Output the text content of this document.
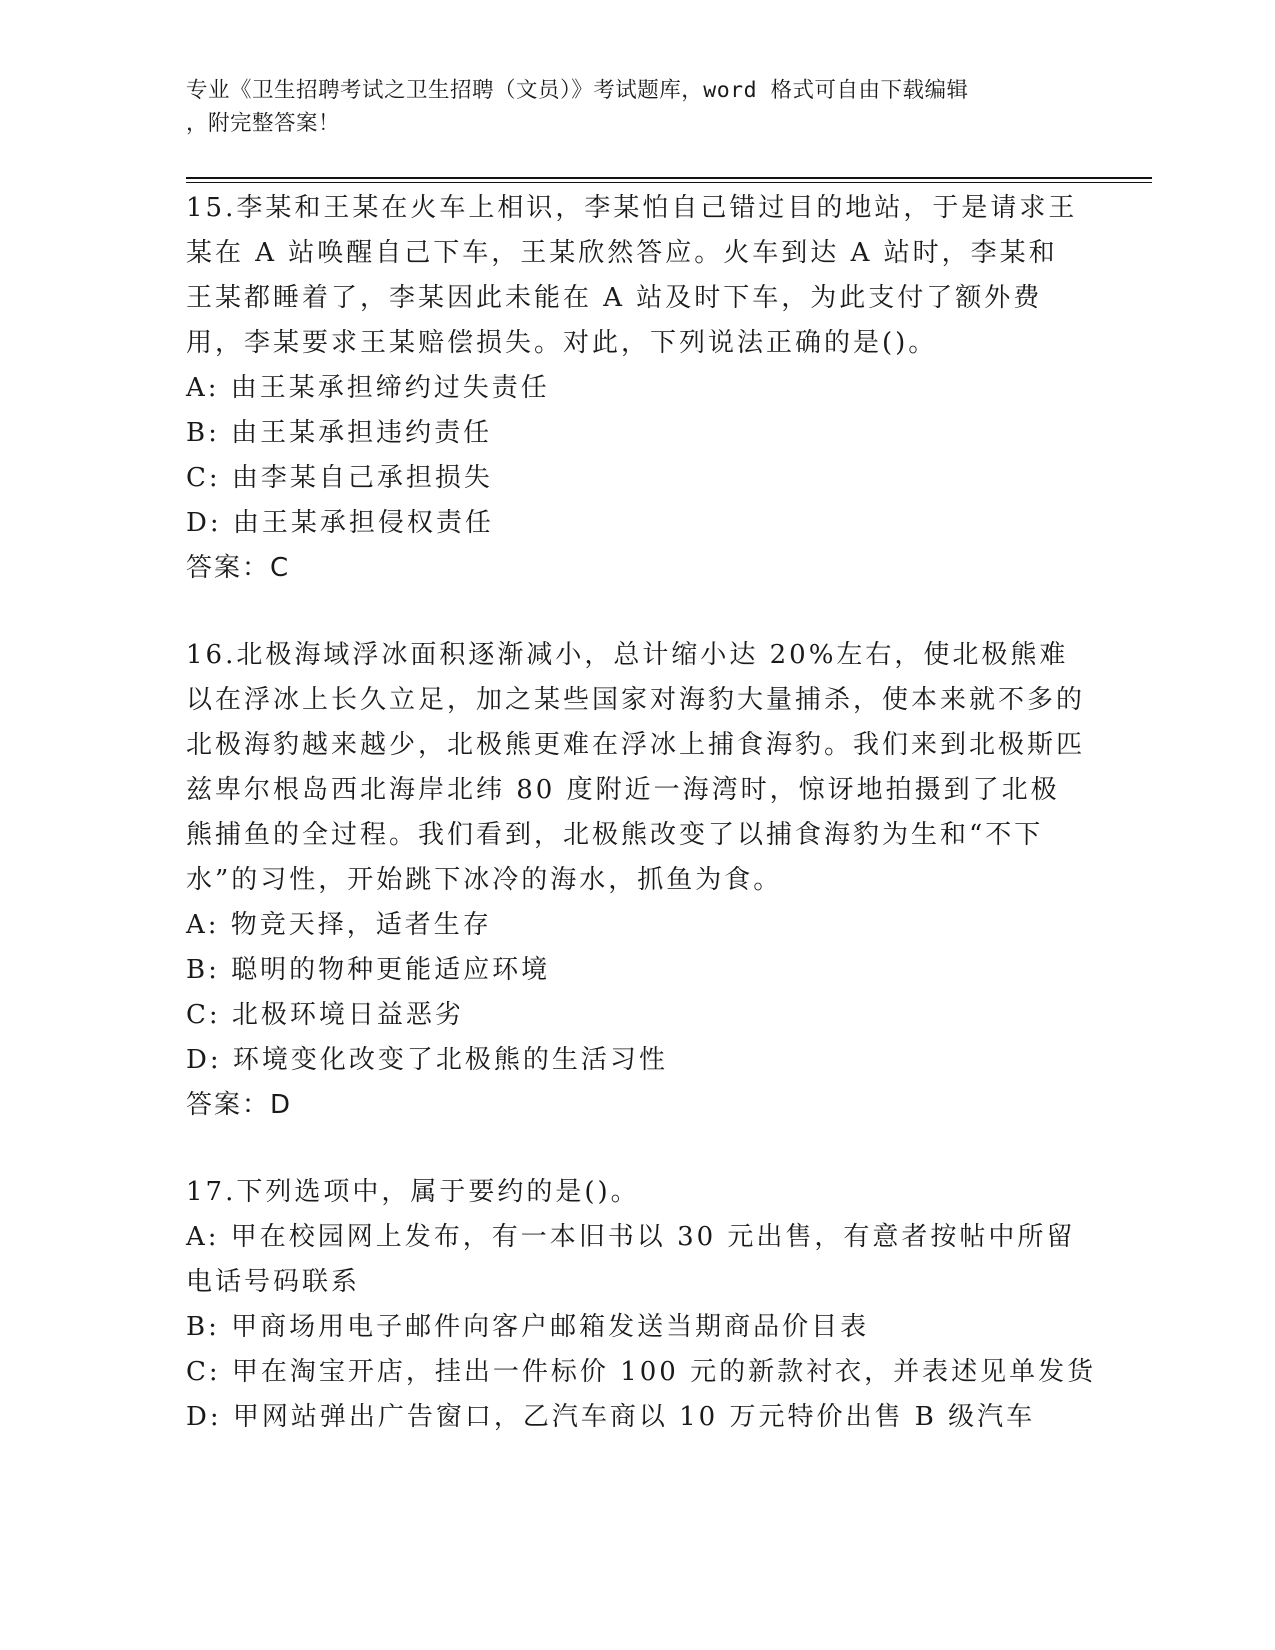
专业《卫生招聘考试之卫生招聘（文员）》考试题库，word 格式可自由下载编辑
，附完整答案！

15.李某和王某在火车上相识，李某怕自己错过目的地站，于是请求王某在 A 站唤醒自己下车，王某欣然答应。火车到达 A 站时，李某和王某都睡着了，李某因此未能在 A 站及时下车，为此支付了额外费用，李某要求王某赔偿损失。对此，下列说法正确的是()。

A: 由王某承担缔约过失责任

B: 由王某承担违约责任

C: 由李某自己承担损失

D: 由王某承担侵权责任

答案：C

16.北极海域浮冰面积逐渐减小，总计缩小达 20%左右，使北极熊难以在浮冰上长久立足，加之某些国家对海豹大量捕杀，使本来就不多的北极海豹越来越少，北极熊更难在浮冰上捕食海豹。我们来到北极斯匹兹卑尔根岛西北海岸北纬 80 度附近一海湾时，惊讶地拍摄到了北极熊捕鱼的全过程。我们看到，北极熊改变了以捕食海豹为生和“不下水”的习性，开始跳下冰冷的海水，抓鱼为食。

A: 物竞天择，适者生存

B: 聪明的物种更能适应环境

C: 北极环境日益恶劣

D: 环境变化改变了北极熊的生活习性

答案：D

17.下列选项中，属于要约的是()。

A: 甲在校园网上发布，有一本旧书以 30 元出售，有意者按帖中所留电话号码联系

B: 甲商场用电子邮件向客户邮箱发送当期商品价目表

C: 甲在淘宝开店，挂出一件标价 100 元的新款衬衣，并表述见单发货

D: 甲网站弹出广告窗口，乙汽车商以 10 万元特价出售 B 级汽车
